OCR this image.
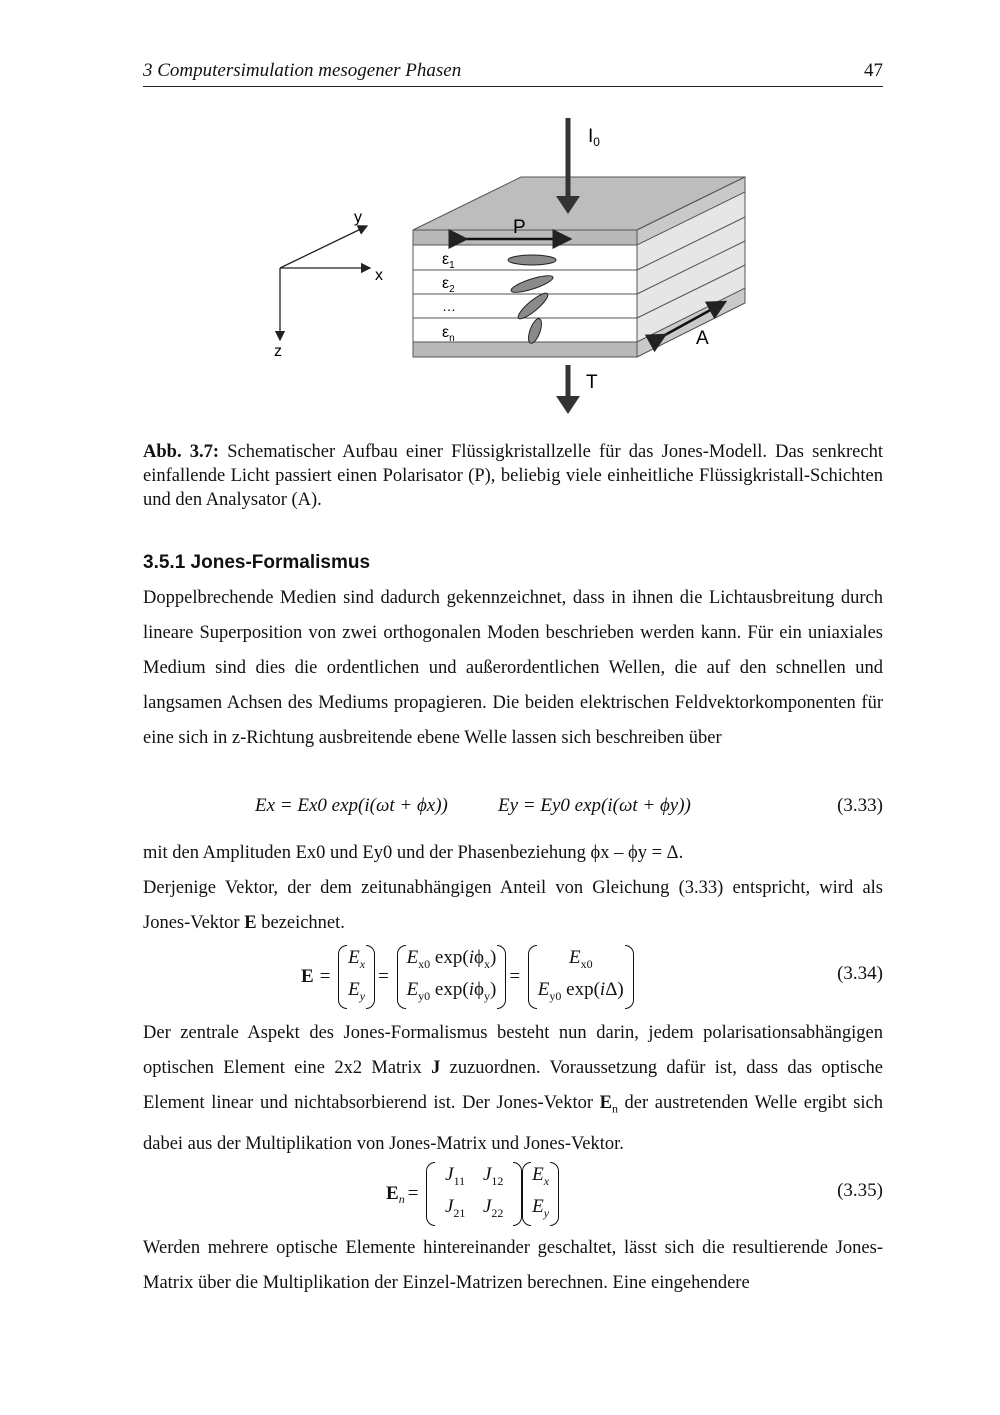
3 Computersimulation mesogener Phasen	47
x
y
z
P
A
$I_0$
T
$\varepsilon_1$
$\varepsilon_2$
…
$\varepsilon_n$
Abb. 3.7: Schematischer Aufbau einer Flüssigkristallzelle für das Jones-Modell. Das senkrecht einfallende Licht passiert einen Polarisator (P), beliebig viele einheitliche Flüssigkristall-Schichten und den Analysator (A).
3.5.1 Jones-Formalismus
Doppelbrechende Medien sind dadurch gekennzeichnet, dass in ihnen die Lichtausbreitung durch lineare Superposition von zwei orthogonalen Moden beschrieben werden kann. Für ein uniaxiales Medium sind dies die ordentlichen und außerordentlichen Wellen, die auf den schnellen und langsamen Achsen des Mediums propagieren. Die beiden elektrischen Feldvektorkomponenten für eine sich in z-Richtung ausbreitende ebene Welle lassen sich beschreiben über
Ex = Ex0 exp(i(ωt + ϕx))	Ey = Ey0 exp(i(ωt + ϕy))	(3.33)
mit den Amplituden Ex0 und Ey0 und der Phasenbeziehung ϕx – ϕy = Δ.
Derjenige Vektor, der dem zeitunabhängigen Anteil von Gleichung (3.33) entspricht, wird als Jones-Vektor E bezeichnet.
E =
$E_x$
$E_y$
=
$E_{x0}$ $\exp(i\phi_x)$
$E_{y0}$ $\exp(i\phi_y)$
=
$E_{x0}$
$E_{y0}$ exp(iΔ)
(3.34)
Der zentrale Aspekt des Jones-Formalismus besteht nun darin, jedem polarisationsabhängigen optischen Element eine 2x2 Matrix J zuzuordnen. Voraussetzung dafür ist, dass das optische Element linear und nichtabsorbierend ist. Der Jones-Vektor $E_n$ der austretenden Welle ergibt sich dabei aus der Multiplikation von Jones-Matrix und Jones-Vektor.
$E_n$ =
$J_{11}$ $J_{12}$
$J_{21}$ $J_{22}$
$E_x$
$E_y$
(3.35)
Werden mehrere optische Elemente hintereinander geschaltet, lässt sich die resultierende Jones-Matrix über die Multiplikation der Einzel-Matrizen berechnen. Eine eingehendere
